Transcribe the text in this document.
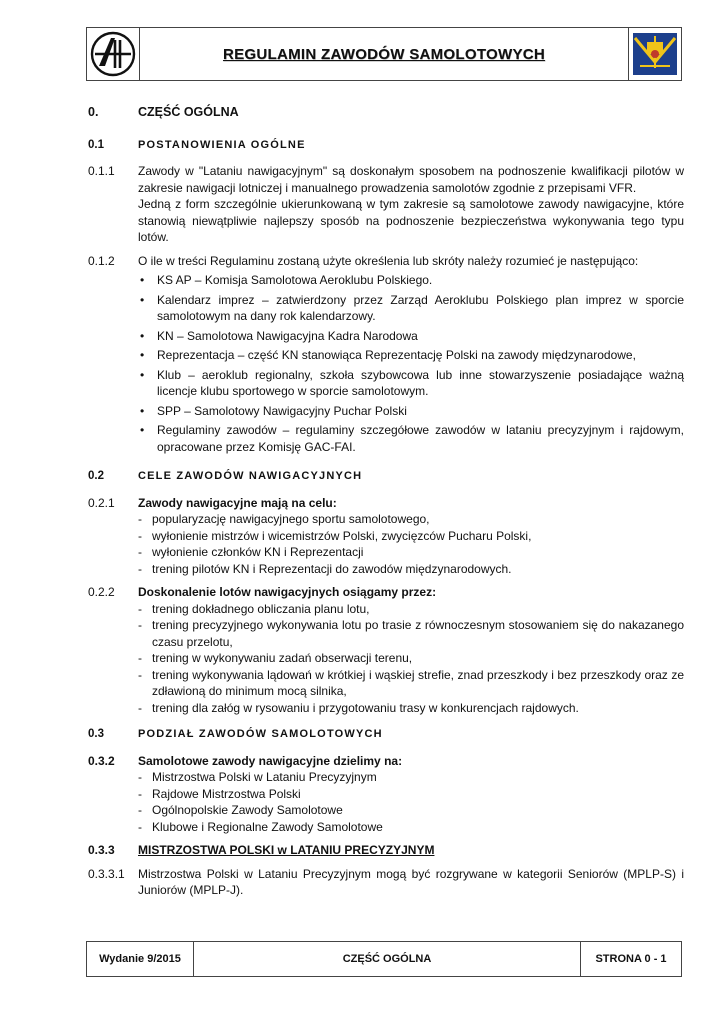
REGULAMIN ZAWODÓW SAMOLOTOWYCH
0.	CZĘŚĆ OGÓLNA
0.1	POSTANOWIENIA OGÓLNE
0.1.1	Zawody w "Lataniu nawigacyjnym" są doskonałym sposobem na podnoszenie kwalifikacji pilotów w zakresie nawigacji lotniczej i manualnego prowadzenia samolotów zgodnie z przepisami VFR.
Jedną z form szczególnie ukierunkowaną w tym zakresie są samolotowe zawody nawigacyjne, które stanowią niewątpliwie najlepszy sposób na podnoszenie bezpieczeństwa wykonywania tego typu lotów.
0.1.2	O ile w treści Regulaminu zostaną użyte określenia lub skróty należy rozumieć je następująco:
•	KS AP – Komisja Samolotowa Aeroklubu Polskiego.
•	Kalendarz imprez – zatwierdzony przez Zarząd Aeroklubu Polskiego plan imprez w sporcie samolotowym na dany rok kalendarzowy.
•	KN – Samolotowa Nawigacyjna Kadra Narodowa
•	Reprezentacja – część KN stanowiąca Reprezentację Polski na zawody międzynarodowe,
•	Klub – aeroklub regionalny, szkoła szybowcowa lub inne stowarzyszenie posiadające ważną licencje klubu sportowego w sporcie samolotowym.
•	SPP – Samolotowy Nawigacyjny Puchar Polski
•	Regulaminy zawodów – regulaminy szczegółowe zawodów w lataniu precyzyjnym i rajdowym, opracowane przez Komisję GAC-FAI.
0.2	CELE ZAWODÓW NAWIGACYJNYCH
0.2.1	Zawody nawigacyjne mają na celu:
- popularyzację nawigacyjnego sportu samolotowego,
- wyłonienie mistrzów i wicemistrzów Polski, zwycięzców Pucharu Polski,
- wyłonienie członków KN i Reprezentacji
- trening pilotów KN i Reprezentacji do zawodów międzynarodowych.
0.2.2	Doskonalenie lotów nawigacyjnych osiągamy przez:
- trening dokładnego obliczania planu lotu,
- trening precyzyjnego wykonywania lotu po trasie z równoczesnym stosowaniem się do nakazanego czasu przelotu,
- trening w wykonywaniu zadań obserwacji terenu,
- trening wykonywania lądowań w krótkiej i wąskiej strefie, znad przeszkody i bez przeszkody oraz ze zdławioną do minimum mocą silnika,
- trening dla załóg w rysowaniu i przygotowaniu trasy w konkurencjach rajdowych.
0.3	PODZIAŁ ZAWODÓW SAMOLOTOWYCH
0.3.2	Samolotowe zawody nawigacyjne dzielimy na:
- Mistrzostwa Polski w Lataniu Precyzyjnym
- Rajdowe Mistrzostwa Polski
- Ogólnopolskie Zawody Samolotowe
- Klubowe i Regionalne Zawody Samolotowe
0.3.3	MISTRZOSTWA POLSKI w LATANIU PRECYZYJNYM
0.3.3.1	Mistrzostwa Polski w Lataniu Precyzyjnym mogą być rozgrywane w kategorii Seniorów (MPLP-S) i Juniorów (MPLP-J).
Wydanie 9/2015	CZĘŚĆ OGÓLNA	STRONA 0 - 1
